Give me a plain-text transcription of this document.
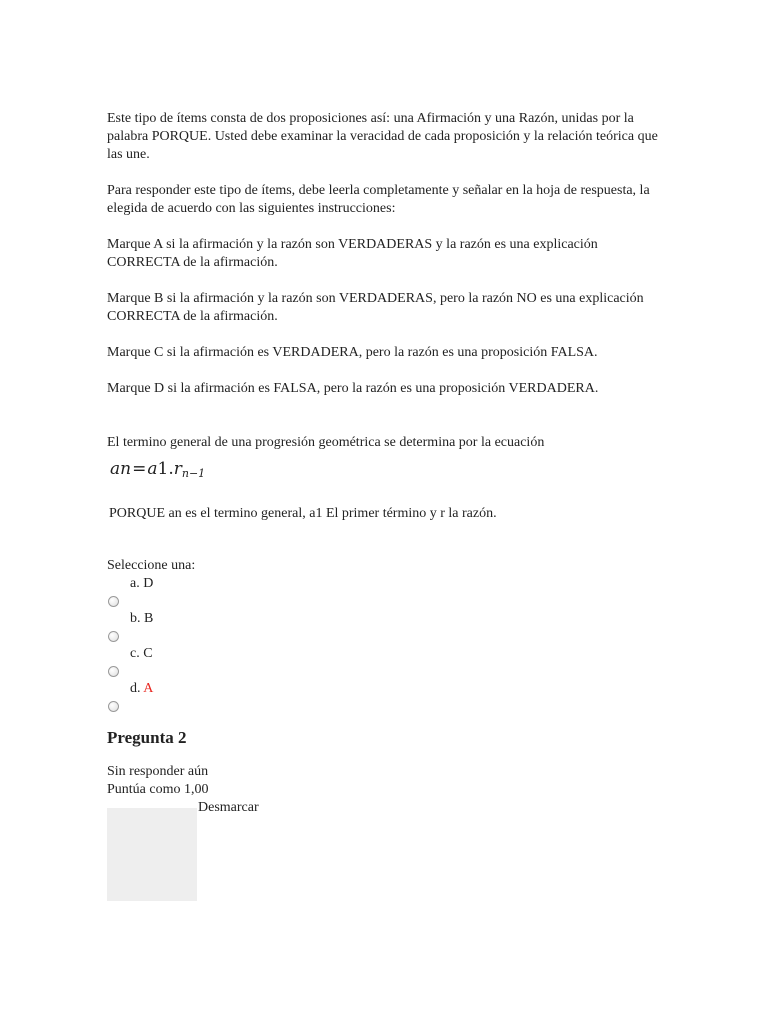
Este tipo de ítems consta de dos proposiciones así: una Afirmación y una Razón, unidas por la palabra PORQUE. Usted debe examinar la veracidad de cada proposición y la relación teórica que las une.

Para responder este tipo de ítems, debe leerla completamente y señalar en la hoja de respuesta, la elegida de acuerdo con las siguientes instrucciones:

Marque A si la afirmación y la razón son VERDADERAS y la razón es una explicación CORRECTA de la afirmación.

Marque B si la afirmación y la razón son VERDADERAS, pero la razón NO es una explicación CORRECTA de la afirmación.

Marque C si la afirmación es VERDADERA, pero la razón es una proposición FALSA.

Marque D si la afirmación es FALSA, pero la razón es una proposición VERDADERA.

El termino general de una progresión geométrica se determina por la ecuación

$an=a1.r_{n-1}$

PORQUE an es el termino general, a1 El primer término y r la razón.

Seleccione una:

a. D
b. B
c. C
d. A
Pregunta 2

Sin responder aún

Puntúa como 1,00

Desmarcar
